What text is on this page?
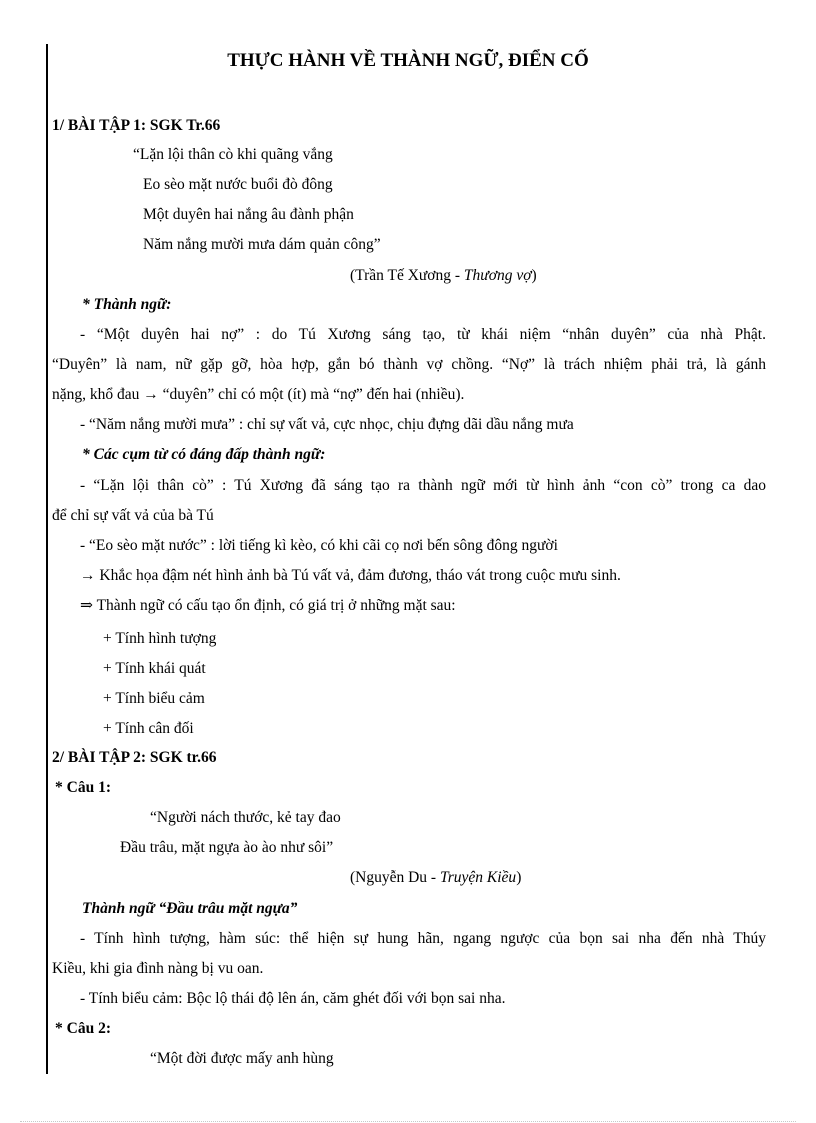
THỰC HÀNH VỀ THÀNH NGỮ, ĐIỂN CỐ
1/ BÀI TẬP 1: SGK Tr.66
“Lặn lội thân cò khi quãng vắng
Eo sèo mặt nước buổi đò đông
Một duyên hai nắng âu đành phận
Năm nắng mười mưa dám quản công”
(Trần Tế Xương - Thương vợ)
* Thành ngữ:
- “Một duyên hai nợ” : do Tú Xương sáng tạo, từ khái niệm “nhân duyên” của nhà Phật.
“Duyên” là nam, nữ gặp gỡ, hòa hợp, gắn bó thành vợ chồng. “Nợ” là trách nhiệm phải trả, là gánh
nặng, khổ đau → “duyên” chỉ có một (ít) mà “nợ” đến hai (nhiều).
- “Năm nắng mười mưa” : chỉ sự vất vả, cực nhọc, chịu đựng dãi dầu nắng mưa
* Các cụm từ có đáng đấp thành ngữ:
- “Lặn lội thân cò” : Tú Xương đã sáng tạo ra thành ngữ mới từ hình ảnh “con cò” trong ca dao
để chỉ sự vất vả của bà Tú
- “Eo sèo mặt nước” : lời tiếng kì kèo, có khi cãi cọ nơi bến sông đông người
→ Khắc họa đậm nét hình ảnh bà Tú vất vả, đảm đương, tháo vát trong cuộc mưu sinh.
⇒ Thành ngữ có cấu tạo ổn định, có giá trị ở những mặt sau:
+ Tính hình tượng
+ Tính khái quát
+ Tính biểu cảm
+ Tính cân đối
2/ BÀI TẬP 2: SGK tr.66
* Câu 1:
“Người nách thước, kẻ tay đao
Đầu trâu, mặt ngựa ào ào như sôi”
(Nguyễn Du - Truyện Kiều)
Thành ngữ “Đầu trâu mặt ngựa”
- Tính hình tượng, hàm súc: thể hiện sự hung hãn, ngang ngược của bọn sai nha đến nhà Thúy
Kiều, khi gia đình nàng bị vu oan.
- Tính biểu cảm: Bộc lộ thái độ lên án, căm ghét đối với bọn sai nha.
* Câu 2:
“Một đời được mấy anh hùng
